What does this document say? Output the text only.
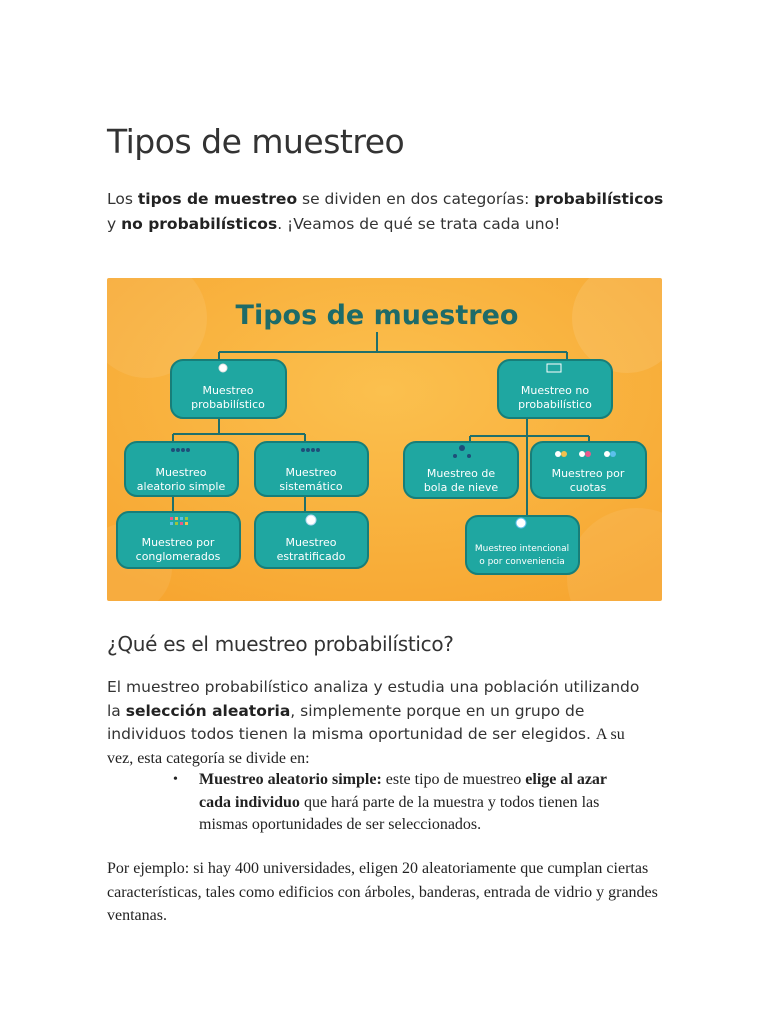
Tipos de muestreo

Los tipos de muestreo se dividen en dos categorías: probabilísticos y no probabilísticos. ¡Veamos de qué se trata cada uno!

Tipos de muestreo
Muestreo
probabilístico
Muestreo no
probabilístico
Muestreo
aleatorio simple
Muestreo
sistemático
Muestreo por
conglomerados
Muestreo
estratificado
Muestreo de
bola de nieve
Muestreo por
cuotas
Muestreo intencional
o por conveniencia
¿Qué es el muestreo probabilístico?

El muestreo probabilístico analiza y estudia una población utilizando la selección aleatoria, simplemente porque en un grupo de individuos todos tienen la misma oportunidad de ser elegidos. A su vez, esta categoría se divide en:

• Muestreo aleatorio simple: este tipo de muestreo elige al azar cada individuo que hará parte de la muestra y todos tienen las mismas oportunidades de ser seleccionados.

Por ejemplo: si hay 400 universidades, eligen 20 aleatoriamente que cumplan ciertas características, tales como edificios con árboles, banderas, entrada de vidrio y grandes ventanas.
